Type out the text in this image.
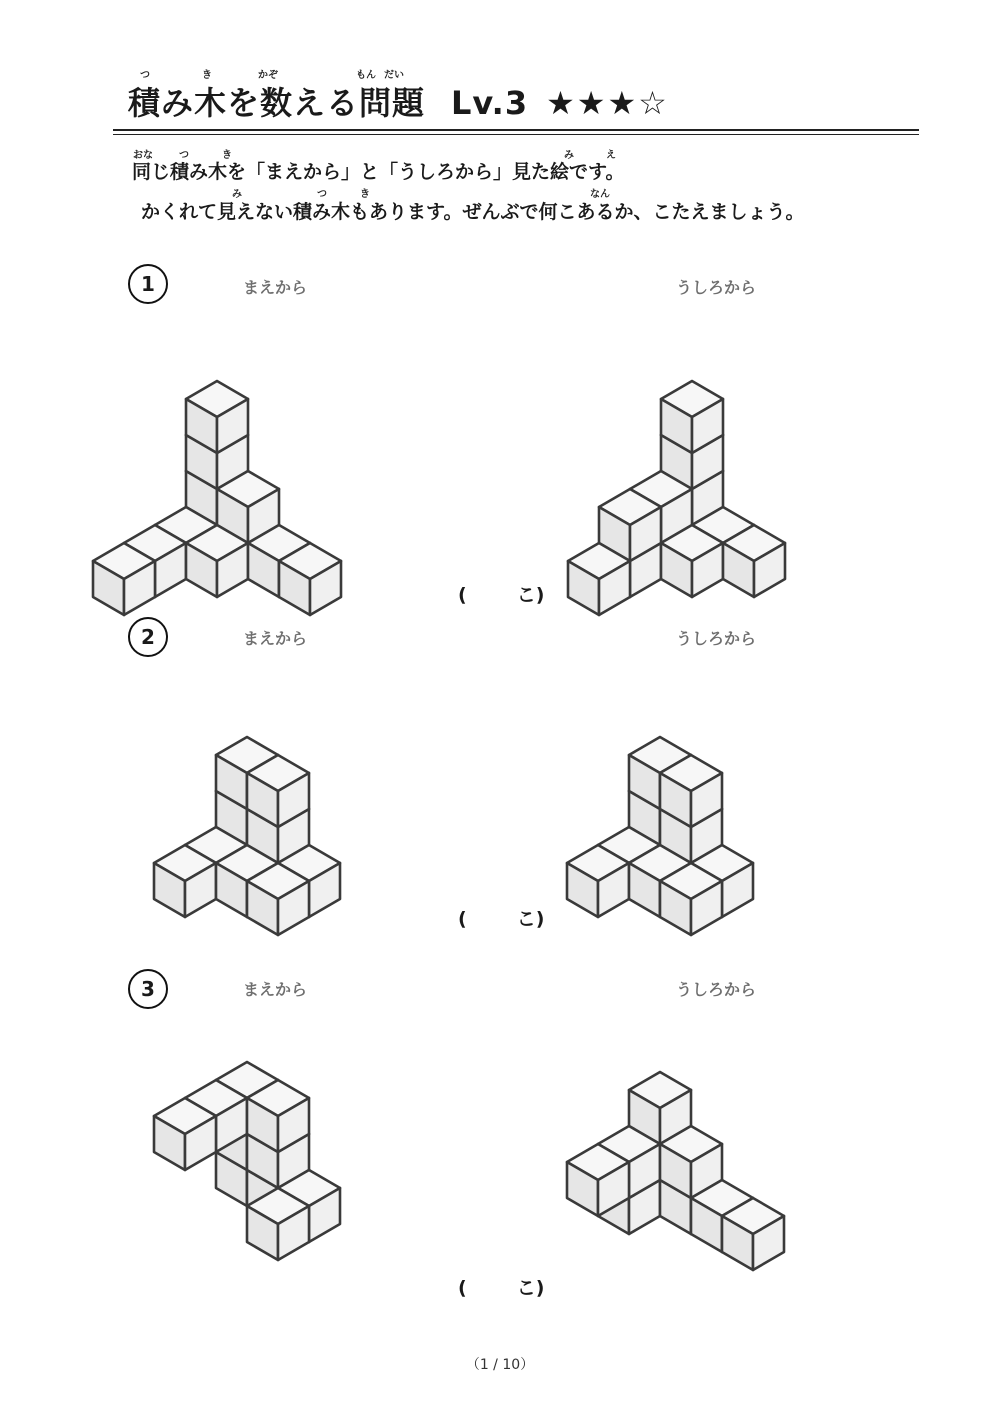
つ	き	かぞ	もん だい
積み木を数える問題 Lv.3 ★★★☆
おな	つ	き	み	え
同じ積み木を「まえから」と「うしろから」見た絵です。
み	つ	き	なん
かくれて見えない積み木もあります。ぜんぶで何こあるか、こたえましょう。
1	まえから	うしろから
(	こ)
2	まえから	うしろから
(	こ)
3	まえから	うしろから
(	こ)
（1 / 10）
